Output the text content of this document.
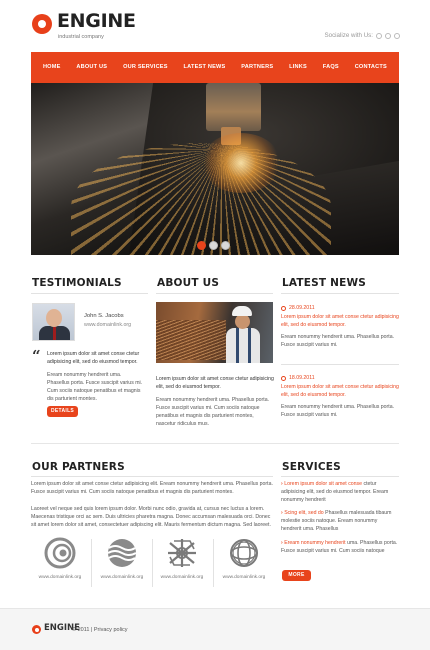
ENGINE
industrial company	Socialize with Us:
HOME	ABOUT US	OUR SERVICES	LATEST NEWS	PARTNERS	LINKS	FAQS	CONTACTS
TESTIMONIALS
John S. Jacobs
www.domainlink.org
“ Lorem ipsum dolor sit amet conse ctetur adipisicing elit, sed do eiusmod tempor.

Eream nonummy hendrerit uma. Phasellus porta. Fusce suscipit varius mi. Cum sociis natoque penatibus et magnis dis parturient montes.
DETAILS
ABOUT US
Lorem ipsum dolor sit amet conse ctetur adipisicing elit, sed do eiusmod tempor.
Eream nonummy hendrerit uma. Phasellus porta. Fusce suscipit varius mi. Cum sociis natoque penatibus et magnis dis parturient montes, nascetur ridiculus mus.
LATEST NEWS
28.09.2011
Lorem ipsum dolor sit amet conse ctetur adipisicing elit, sed do eiusmod tempor.
Eream nonummy hendrerit uma. Phasellus porta. Fusce suscipit varius mi.
18.09.2011
Lorem ipsum dolor sit amet conse ctetur adipisicing elit, sed do eiusmod tempor.
Eream nonummy hendrerit uma. Phasellus porta. Fusce suscipit varius mi.
OUR PARTNERS
Lorem ipsum dolor sit amet conse ctetur adipisicing elit. Eream nonummy hendrerit uma. Phasellus porta. Fusce suscipit varius mi. Cum sociis natoque penatibus et magnis dis parturient montes.
Laoreet vel neque sed quis lorem ipsum dolor. Morbi nunc odio, gravida at, cursus nec luctus a lorem. Maecenas tristique orci ac sem. Duis ultricies pharetra magna. Donec accumsan malesuada orci. Donec sit amet lorem dolor sit amet, consectetuer adipiscing elit. Mauris fermentum dictum magna. Sed laoreet.
www.domainlink.org	www.domainlink.org	www.domainlink.org	www.domainlink.org
SERVICES
› Lorem ipsum dolor sit amet conse ctetur adipisicing elit, sed do eiusmod tempor. Eream nonummy hendrerit
› Scing elit, sed do Phasellus malesuada tibaum molestie sociis natoque. Eream nonummy hendrerit uma. Phasellus
› Eream nonummy hendrerit uma. Phasellus porta. Fusce suscipit varius mi. Cum sociis natoque
MORE
ENGINE
© 2011 | Privacy policy
